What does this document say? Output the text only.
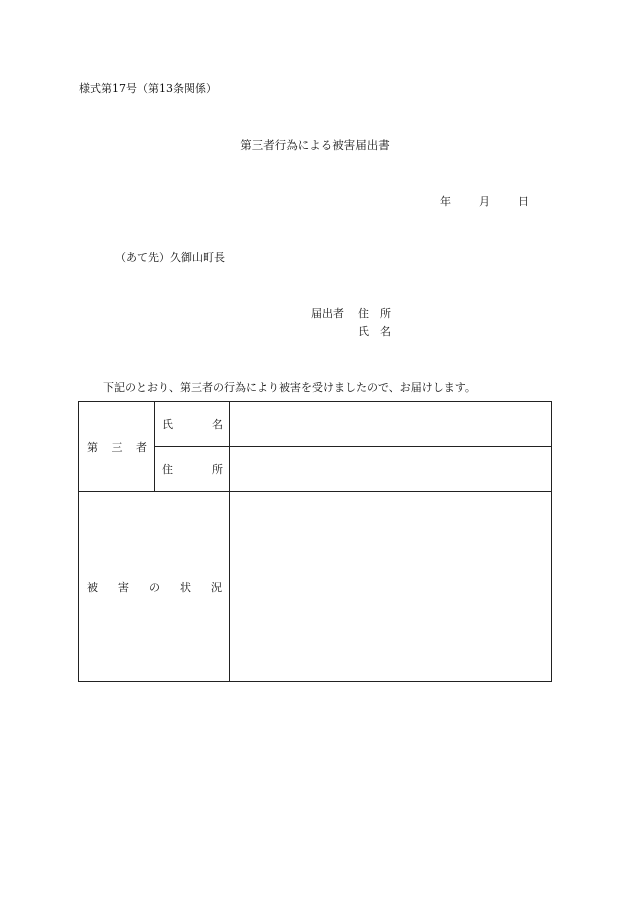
様式第17号（第13条関係）
第三者行為による被害届出書
年	月	日
（あて先）久御山町長
届出者 住　所
氏　名
下記のとおり、第三者の行為により被害を受けましたので、お届けします。
第 三 者	氏 名	

	住 所	

被 害 の 状 況		
